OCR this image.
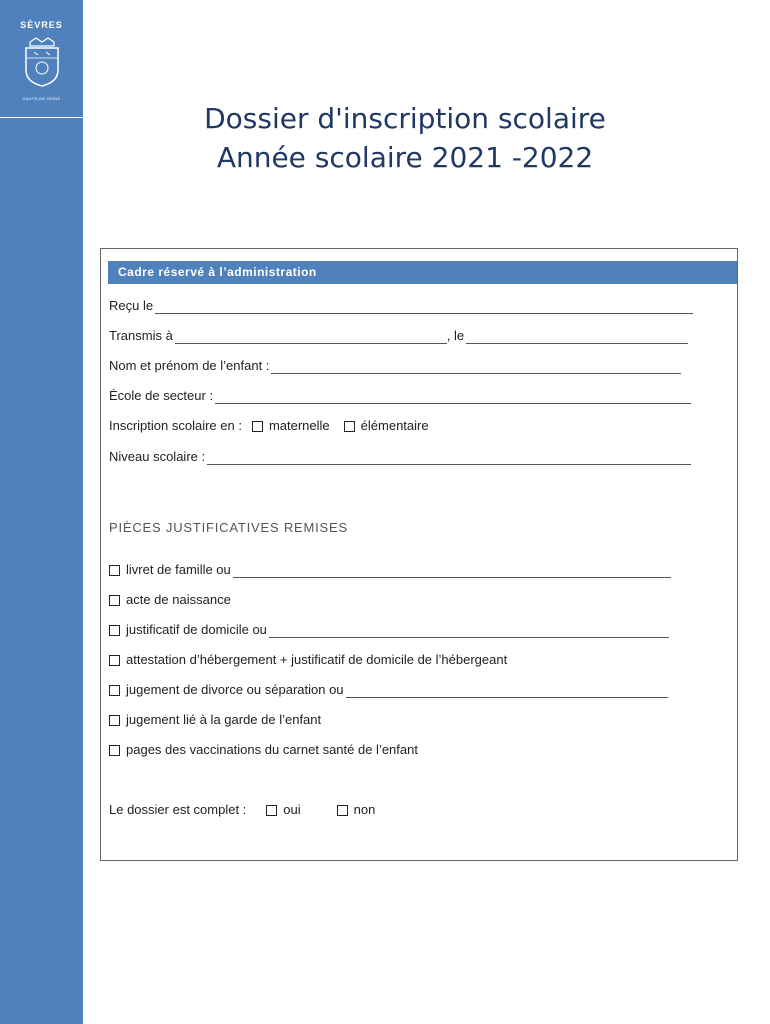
SÈVRES
HAUTS-DE-SEINE
Dossier d'inscription scolaire
Année scolaire 2021 -2022
Cadre réservé à l’administration
Reçu le
Transmis à	, le
Nom et prénom de l’enfant :
École de secteur :
Inscription scolaire en : maternelle élémentaire
Niveau scolaire :
PIÈCES JUSTIFICATIVES REMISES
livret de famille ou
acte de naissance
justificatif de domicile ou
attestation d’hébergement + justificatif de domicile de l’hébergeant
jugement de divorce ou séparation ou
jugement lié à la garde de l’enfant
pages des vaccinations du carnet santé de l’enfant
Le dossier est complet :	oui	non
